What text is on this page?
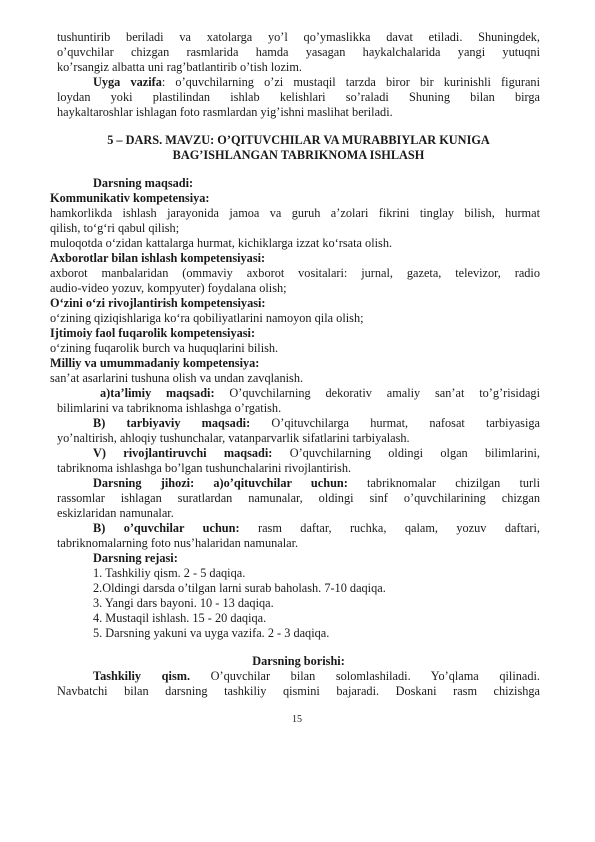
tushuntirib beriladi va xatolarga yo’l qo’ymaslikka davat etiladi. Shuningdek,
o’quvchilar chizgan rasmlarida hamda yasagan haykalchalarida yangi yutuqni
ko’rsangiz albatta uni rag’batlantirib o’tish lozim.
Uyga vazifa: o’quvchilarning o’zi mustaqil tarzda biror bir kurinishli figurani
loydan yoki plastilindan ishlab kelishlari so’raladi Shuning bilan birga
haykaltaroshlar ishlagan foto rasmlardan yig’ishni maslihat beriladi.
5 – DARS. MAVZU: O’QITUVCHILAR VA MURABBIYLAR KUNIGA
BAG’ISHLANGAN TABRIKNOMA ISHLASH
Darsning maqsadi:
Kommunikativ kompetensiya:
hamkorlikda ishlash jarayonida jamoa va guruh a’zolari fikrini tinglay bilish, hurmat
qilish, to‘g‘ri qabul qilish;
muloqotda o‘zidan kattalarga hurmat, kichiklarga izzat ko‘rsata olish.
Axborotlar bilan ishlash kompetensiyasi:
axborot manbalaridan (ommaviy axborot vositalari: jurnal, gazeta, televizor, radio
audio-video yozuv, kompyuter) foydalana olish;
O‘zini o‘zi rivojlantirish kompetensiyasi:
o‘zining qiziqishlariga ko‘ra qobiliyatlarini namoyon qila olish;
Ijtimoiy faol fuqarolik kompetensiyasi:
o‘zining fuqarolik burch va huquqlarini bilish.
Milliy va umummadaniy kompetensiya:
san’at asarlarini tushuna olish va undan zavqlanish.
a)ta’limiy maqsadi: O’quvchilarning dekorativ amaliy san’at to’g’risidagi
bilimlarini va tabriknoma ishlashga o’rgatish.
B) tarbiyaviy maqsadi: O’qituvchilarga hurmat, nafosat tarbiyasiga
yo’naltirish, ahloqiy tushunchalar, vatanparvarlik sifatlarini tarbiyalash.
V) rivojlantiruvchi maqsadi: O’quvchilarning oldingi olgan bilimlarini,
tabriknoma ishlashga bo’lgan tushunchalarini rivojlantirish.
Darsning jihozi: a)o’qituvchilar uchun: tabriknomalar chizilgan turli
rassomlar ishlagan suratlardan namunalar, oldingi sinf o’quvchilarining chizgan
eskizlaridan namunalar.
B) o’quvchilar uchun: rasm daftar, ruchka, qalam, yozuv daftari,
tabriknomalarning foto nus’halaridan namunalar.
Darsning rejasi:
1. Tashkiliy qism. 2 - 5 daqiqa.
2.Oldingi darsda o’tilgan larni surab baholash. 7-10 daqiqa.
3. Yangi dars bayoni. 10 - 13 daqiqa.
4. Mustaqil ishlash. 15 - 20 daqiqa.
5. Darsning yakuni va uyga vazifa. 2 - 3 daqiqa.
Darsning borishi:
Tashkiliy qism. O’quvchilar bilan solomlashiladi. Yo’qlama qilinadi.
Navbatchi bilan darsning tashkiliy qismini bajaradi. Doskani rasm chizishga
15
